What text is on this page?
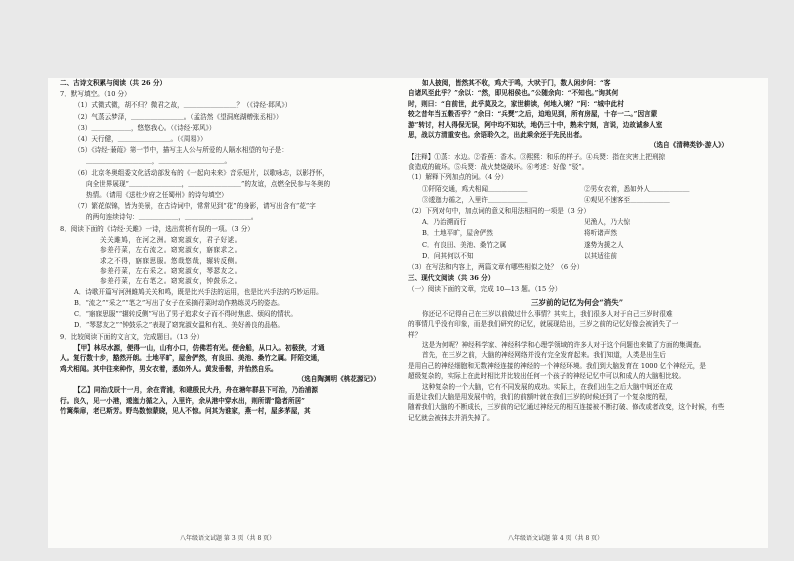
二、古诗文积累与阅读（共 26 分）
7．默写填空。（10 分）
（1）式微式微，胡不归？微君之故，＿＿＿＿＿＿＿＿？（《诗经·邶风》）
（2）气蒸云梦泽，＿＿＿＿＿＿＿＿。（孟浩然《望洞庭湖赠张丞相》）
（3）＿＿＿＿＿＿，悠悠我心。（《诗经·郑风》）
（4）天行健，＿＿＿＿＿＿＿＿。（《周易》）
（5）《诗经·蒹葭》第一节中，描写主人公与所爱的人隔水相望的句子是：
＿＿＿＿＿＿＿＿＿＿，＿＿＿＿＿＿＿＿＿＿。
（6）北京冬奥组委文化活动部发布的《一起向未来》音乐短片，以歌咏志，以影抒怀，
向全世界展现“＿＿＿＿＿＿＿＿，＿＿＿＿＿＿＿＿”的友谊，点燃全民参与冬奥的
热情。（请用《送杜少府之任蜀州》的诗句填空）
（7）繁花似锦，皆为美景，在古诗词中，常常见到“花”的身影，请写出含有“花”字
的两句连续诗句：＿＿＿＿＿＿，＿＿＿＿＿＿＿＿＿＿。
8．阅读下面的《诗经·关雎》一诗，选出赏析有误的一项。（3 分）
关关雎鸠，在河之洲。窈窕淑女，君子好逑。
参差荇菜，左右流之。窈窕淑女，寤寐求之。
求之不得，寤寐思服。悠哉悠哉，辗转反侧。
参差荇菜，左右采之。窈窕淑女，琴瑟友之。
参差荇菜，左右芼之。窈窕淑女，钟鼓乐之。
A．诗歌开篇写河洲雎鸠关关和鸣，既是比兴手法的运用，也是比兴手法的巧妙运用。
B．“流之”“采之”“芼之”写出了女子在采摘荇菜时动作熟练灵巧的姿态。
C．“寤寐思服”“辗转反侧”写出了男子追求女子而不得时焦虑、烦闷的情状。
D．“琴瑟友之”“钟鼓乐之”表现了窈窕淑女温和有礼、美好善良的品格。
9．比较阅读下面的文言文，完成题目。（13 分）
【甲】林尽水源，便得一山，山有小口，仿佛若有光。便舍船，从口入。初极狭，才通
人。复行数十步，豁然开朗。土地平旷，屋舍俨然，有良田、美池、桑竹之属。阡陌交通，
鸡犬相闻。其中往来种作，男女衣着，悉如外人。黄发垂髫，并怡然自乐。
（选自陶渊明《桃花源记》）
【乙】同治戊辰十一月，余在青浦，和建殷民大丹，舟在塘年群县下可治，乃治浦源
行。良久，见一小港，逶迤力循之入，入里许，余从港中穿水出，则所谓“隐者所居”
竹篱柴扉，老已斯芳。野鸟数惊蒙晓，见人不惊。问其为谁家，燕一村，屋多茅屋，其
八年级语文试题 第 3 页（共 8 页）
如人披阅，皆然其不收，鸡犬于鸣，大吠于门，数人闲步问：“客
自诸风至此乎？”余以：“然，即见相侯也。”公随余向：“不知也。”询其何
时，则曰：“自前世，此乎莫及之，家世耕读，何地入境？”问：“城中此村
较之昔年当五穀否乎？”余曰：“兵燹”之后，迫地见到，所有房屋，十存一二。”因言蒙
游”转讨，村人得保无误，阿中均不知状，地仍三十中，熟未宁刻，言说，边故诚参人室
思，战以方清重安也。余语聆久之，出此乘余还于先民出者。
（选自《清稗类钞·游人》）
【注释】①蒸：水边。②香蕉：香木。③熙熙：和乐的样子。④兵燹：指在灾害上把刑掠
食造成的破坏。⑤兵燹：战火焚烧破坏。⑥考述：好像 “驳”。
（1）解释下列加点的词。（4 分）
①阡陌交通，鸡犬相闻＿＿＿＿＿＿	②男女衣着，悉如外人＿＿＿＿＿＿
③逶迤力循之，入里许＿＿＿＿＿＿	④观见不速客至＿＿＿＿＿＿
（2）下列对句中，加点词的意义和用法相同的一项是（3 分）
A．乃治溯而行	见渔人，乃大惊
B．土地平旷，屋舍俨然	将听诸声然
C．有良田、美池、桑竹之属	遂势为援之人
D．问其何以不知	以其适往前
（3）在写法和内容上，两篇文章有哪些相似之处？（6 分）
三、现代文阅读（共 36 分）
（一）阅读下面的文章，完成 10—13 题。（15 分）
三岁前的记忆为何会“消失”
你还记不记得自己在三岁以前做过什么事情？其实上，我们很多人对于自己三岁时很难
的事情几乎没有印象，而是我们研究的记忆，就展现给出，三岁之前的记忆好像会被消失了一
样？
这是为何呢？神经科学家、神经科学和心理学领域的许多人对于这个问题也来做了方面的集调查。
首先，在三岁之前，大脑的神经网络并没有完全发育起来。我们知道，人类是出生后
是用自己的神经细胞和无数神经连接的神经的一个神经环境。我们到大脑发育在 1000 亿个神经元，是
超级复杂的，实际上在此时相比并比较出任何一个孩子的神经记忆中可以和成人的大脑相比较。
这种复杂的一个大脑，它有不同发展的成功。实际上，在我们出生之后大脑中间还在成
而是让我们大脑是用发展中的，我们的前额叶就在我们三岁的时候还到了一个复杂度的程，
随着我们大脑的不断成长，三岁前的记忆通过神经元的相互连接被不断打破、修改或者改变，这个时候，有些
记忆就会被抹去并消失掉了。
八年级语文试题 第 4 页（共 8 页）
